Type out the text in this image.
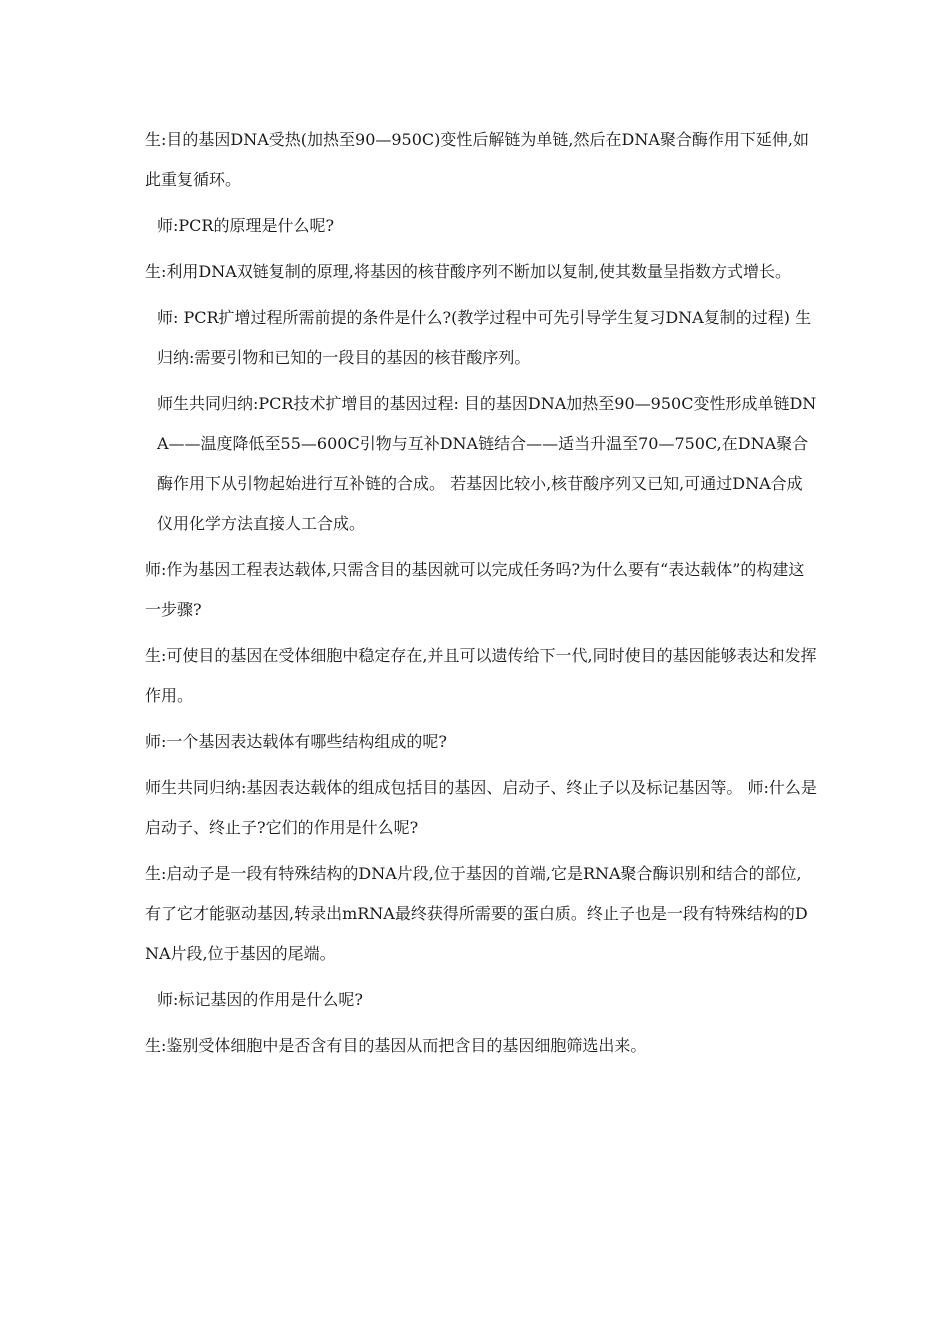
生:目的基因DNA受热(加热至90—950C)变性后解链为单链,然后在DNA聚合酶作用下延伸,如此重复循环。

师:PCR的原理是什么呢?

生:利用DNA双链复制的原理,将基因的核苷酸序列不断加以复制,使其数量呈指数方式增长。

师: PCR扩增过程所需前提的条件是什么?(教学过程中可先引导学生复习DNA复制的过程) 生归纳:需要引物和已知的一段目的基因的核苷酸序列。

师生共同归纳:PCR技术扩增目的基因过程: 目的基因DNA加热至90—950C变性形成单链DNA——温度降低至55—600C引物与互补DNA链结合——适当升温至70—750C,在DNA聚合酶作用下从引物起始进行互补链的合成。 若基因比较小,核苷酸序列又已知,可通过DNA合成仪用化学方法直接人工合成。

师:作为基因工程表达载体,只需含目的基因就可以完成任务吗?为什么要有“表达载体”的构建这一步骤?

生:可使目的基因在受体细胞中稳定存在,并且可以遗传给下一代,同时使目的基因能够表达和发挥作用。

师:一个基因表达载体有哪些结构组成的呢?

师生共同归纳:基因表达载体的组成包括目的基因、启动子、终止子以及标记基因等。 师:什么是启动子、终止子?它们的作用是什么呢?

生:启动子是一段有特殊结构的DNA片段,位于基因的首端,它是RNA聚合酶识别和结合的部位,有了它才能驱动基因,转录出mRNA最终获得所需要的蛋白质。终止子也是一段有特殊结构的DNA片段,位于基因的尾端。

师:标记基因的作用是什么呢?

生:鉴别受体细胞中是否含有目的基因从而把含目的基因细胞筛选出来。
